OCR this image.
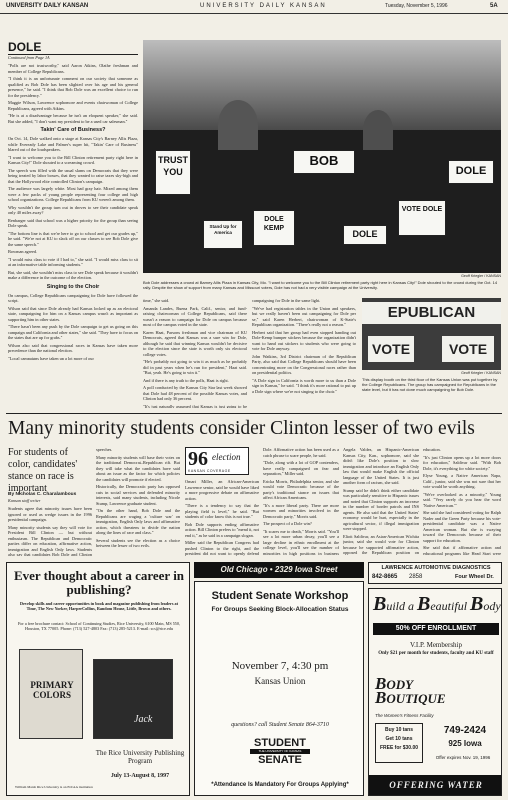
UNIVERSITY DAILY KANSAN	UNIVERSITY DAILY KANSAN	Tuesday, November 5, 1996	5A
DOLE
Continued from Page 1A

"Polls are not trustworthy," said Aaron Atkins, Olathe freshman and member of College Republicans.

"I think it is an unfortunate comment on our society that someone as qualified as Bob Dole has been slighted over his age and his general presence," he said. "I think that Bob Dole was an excellent choice to run for the presidency."

Maggie Wilson, Lawrence sophomore and events chairwoman of College Republicans, agreed with Atkins.

"He is at a disadvantage because he isn't an eloquent speaker," she said. But she added, "I don't want my president to be a used car salesman."

Takin' Care of Business?

On Oct. 14, Dole walked onto a stage at Kansas City's Barney Allis Plaza, while Eveready Lake and Palmer's super hit, "Takin' Care of Business" blared out of the loudspeakers.

"I want to welcome you to the Bill Clinton retirement party right here in Kansas City!" Dole shouted to a screaming crowd.

The speech was filled with the usual slams on Democrats that they were being treated by labor bosses, that they wanted to raise taxes sky-high and that the Hollywood elite controlled Clinton's campaign.

The audience was largely white. Most had gray hair. Mixed among them were a few packs of young people representing four college and high school organizations. College Republicans from KU weren't among them.

Why wouldn't the group turn out in droves to see their candidate speak only 40 miles away?

Renbarger said that school was a higher priority for the group than seeing Dole speak.

"The bottom line is that we're here to go to school and get our grades up," he said. "We're not at KU to slack off on our classes to see Bob Dole give the same speech."

Bowman agreed.

"I would miss class to vote if I had to," she said. "I would miss class to sit at an informative table informing students."

But, she said, she wouldn't miss class to see Dole speak because it wouldn't make a difference in the outcome of the election.

Singing to the Choir

On campus, College Republicans campaigning for Dole have followed the script.

Wilson said that since Dole already had Kansas locked up as an electoral state, campaigning for him on a Kansas campus wasn't as important as supporting him in other states.

"There hasn't been any push by the Dole campaign to get us going on this campaign and California and other states," she said. "They have to focus on the states that are up for grabs."

Wilson also said that congressional races in Kansas have taken more precedence than the national election.

"Local campaigns have taken up a lot more of our

TRUST YOU
BOB
DOLE
VOTE DOLE
DOLE KEMP
DOLE
Stand Up for America
Geoff Kriegler / KANSAN
Bob Dole addresses a crowd at Barney Allis Plaza in Kansas City, Mo. "I want to welcome you to the Bill Clinton retirement party right here in Kansas City!" Dole shouted to the crowd during the Oct. 14 rally. Despite the show of support from many Kansas and Missouri voters, Dole has not had a very visible campaign at the University.

time," she said.

Amanda Landes, Buena Park, Calif., senior, and fund-raising chairwoman of College Republicans, said there wasn't a reason to campaign for Dole on campus because most of the campus voted in the state.

Karen Haat, Parsons freshman and vice chairman of KU Democrats, agreed that Kansas was a sure win for Dole, although he said that winning Kansas wouldn't be decisive to the election since the state is worth only six electoral college votes.

"He's probably not going to win it as much as he probably did in past years when he's run for president," Haat said. "But, yeah. He's going to win it."

And if there is any truth to the polls, Haat is right.

A poll conducted by the Kansas City Star last week showed that Dole had 48 percent of the possible Kansas votes, and Clinton had only 36 percent.

"It's just naturally assumed that Kansas is just going to be

campaigning for Dole in the same light.

"We've had registration tables in the Union and speakers, but we really haven't been out campaigning for Dole per se," said Karen Herbert, chairwoman of K-State's Republican organization. "There's really not a reason."

Herbert said that her group had even stopped handing out Dole-Kemp bumper stickers because the organization didn't want to hand out stickers to students who were going to vote for Dole anyway.

John Watkins, 3rd District chairman of the Republican Party, also said that College Republicans should have been concentrating more on the Congressional races rather than on presidential politics.

"A Dole sign in California is worth more to us than a Dole sign in Kansas," he said. "I think it's more rational to put up a Dole sign where we're not singing to the choir."

EPUBLICAN
VOTE	VOTE
Geoff Kriegler / KANSAN
This display booth on the third floor of the Kansas Union was put together by the College Republicans. The group has campaigned for Republicans in the state level, but it has not done much campaigning for Bob Dole.
Many minority students consider Clinton lesser of two evils
For students of color, candidates' stance on race is important
By Nicholas C. Charalambous
Kansan staff writer

Students agree that minority issues have been ignored or used as wedge issues in the 1996 presidential campaign.

Many minority students say they will vote for President Bill Clinton — but without enthusiasm. The Republican and Democratic parties differ on education, affirmative action, immigration and English Only laws. Students also say that candidates Bob Dole and Clinton

speeches.

Many minority students will base their votes on the traditional Democrat–Republican rift. But they will take what the candidates have said about an issue as the factor for which policies the candidates will promote if elected.

Historically, the Democratic party has opposed cuts in social services and defended minority interests, said many students, including Nicole Stump, Lawrence graduate student.

"On the other hand, Bob Dole and the Republicans are waging a 'culture war' on immigration, English Only laws and affirmative action, which threatens to divide the nation along the lines of race and class."

Several students see the election as a choice between the lesser of two evils.

96 election
KANSAN COVERAGE

Omari Miller, an African-American Lawrence senior, said he would have liked a more progressive debate on affirmative action.

"There is a tendency to say that the playing field is level," he said. "But students of color know this is not true."

Bob Dole supports ending affirmative action. Bill Clinton prefers to "mend it, not end it," as he said in a campaign slogan.

Miller said the Republican Congress had pushed Clinton to the right, and the president did not want to openly defend

Dole. Affirmative action has been used as a catch phrase to scare people, he said.

"Dole, along with a lot of GOP contenders, have really campaigned on fear and separation," Miller said.

Ericka Morris, Philadelphia senior, and she would vote Democratic because of the party's traditional stance on issues that affect African Americans.

"It's a more liberal party. There are more women and minorities involved in the Democratic party," Morris said.

The prospect of a Dole win?

"It scares me to death," Morris said. "You'll see a lot more urban decay, you'll see a large decline in ethnic enrollment at the college level, you'll see the number of minorities in high positions in business

Angela Valdez, an Hispanic-American Kansas City, Kan., sophomore, said she didn't like Dole's position to slow immigration and introduce an English Only law that would make English the official language of the United States. It is just another form of racism, she said.

Stump said he didn't think either candidate was particularly sensitive to Hispanic issues and noted that Clinton supports an increase in the number of border patrols and INS agents. He also said that the United States' economy would be hurt, especially in the agricultural sector, if illegal immigration were stopped.

Eliott Saldivar, an Asian-American Wichita junior, said she would vote for Clinton because he supported affirmative action, opposed the Republican position on

education.

"It's just Clinton opens up a lot more doors for education," Saldivar said. "With Bob Dole, it's everything for white society."

Elyse Young, a Native American Napa, Calif., junior, said she was not sure that her vote would be worth anything.

"We're overlooked as a minority," Young said. "Very rarely do you hear the word 'Native American.'"

She said she had considered voting for Ralph Nader and the Green Party because his vote-presidential candidate was a Native American woman. But she is swaying toward the Democrats because of their support for education.

She said that if affirmative action and educational programs like Head Start were

Ever thought about a career in publishing?
Develop skills and career opportunities in book and magazine publishing from leaders at Time, The New Yorker, HarperCollins, Random House, Little, Brown and others.
For a free brochure contact: School of Continuing Studies, Rice University, 6100 Main, MS 550, Houston, TX 77005. Phone: (713) 527-4803 Fax: (713) 285-5213. E-mail: scs@rice.edu
PRIMARY COLORS
Jack
The Rice University Publishing Program
July 13-August 8, 1997
William Marsh Rice University is an EO/AA institution
Old Chicago • 2329 Iowa Street
Student Senate Workshop
For Groups Seeking Block-Allocation Status
November 7, 4:30 pm
Kansas Union
questions? call Student Senate 864-3710
STUDENT
THE UNIVERSITY OF KANSAS
SENATE
*Attendance Is Mandatory For Groups Applying*
LAWRENCE AUTOMOTIVE DIAGNOSTICS
842-8665 2858	Four Wheel Dr.
Build a Beautiful Body
50% OFF ENROLLMENT
V.I.P. Membership
Only $21 per month for students, faculty and KU staff
BODY
BOUTIQUE
The Women's Fitness Facility
Buy 10 tans
Get 10 tans
FREE for $30.00
749-2424
925 Iowa
Offer expires Nov. 19, 1996
OFFERING WATER
